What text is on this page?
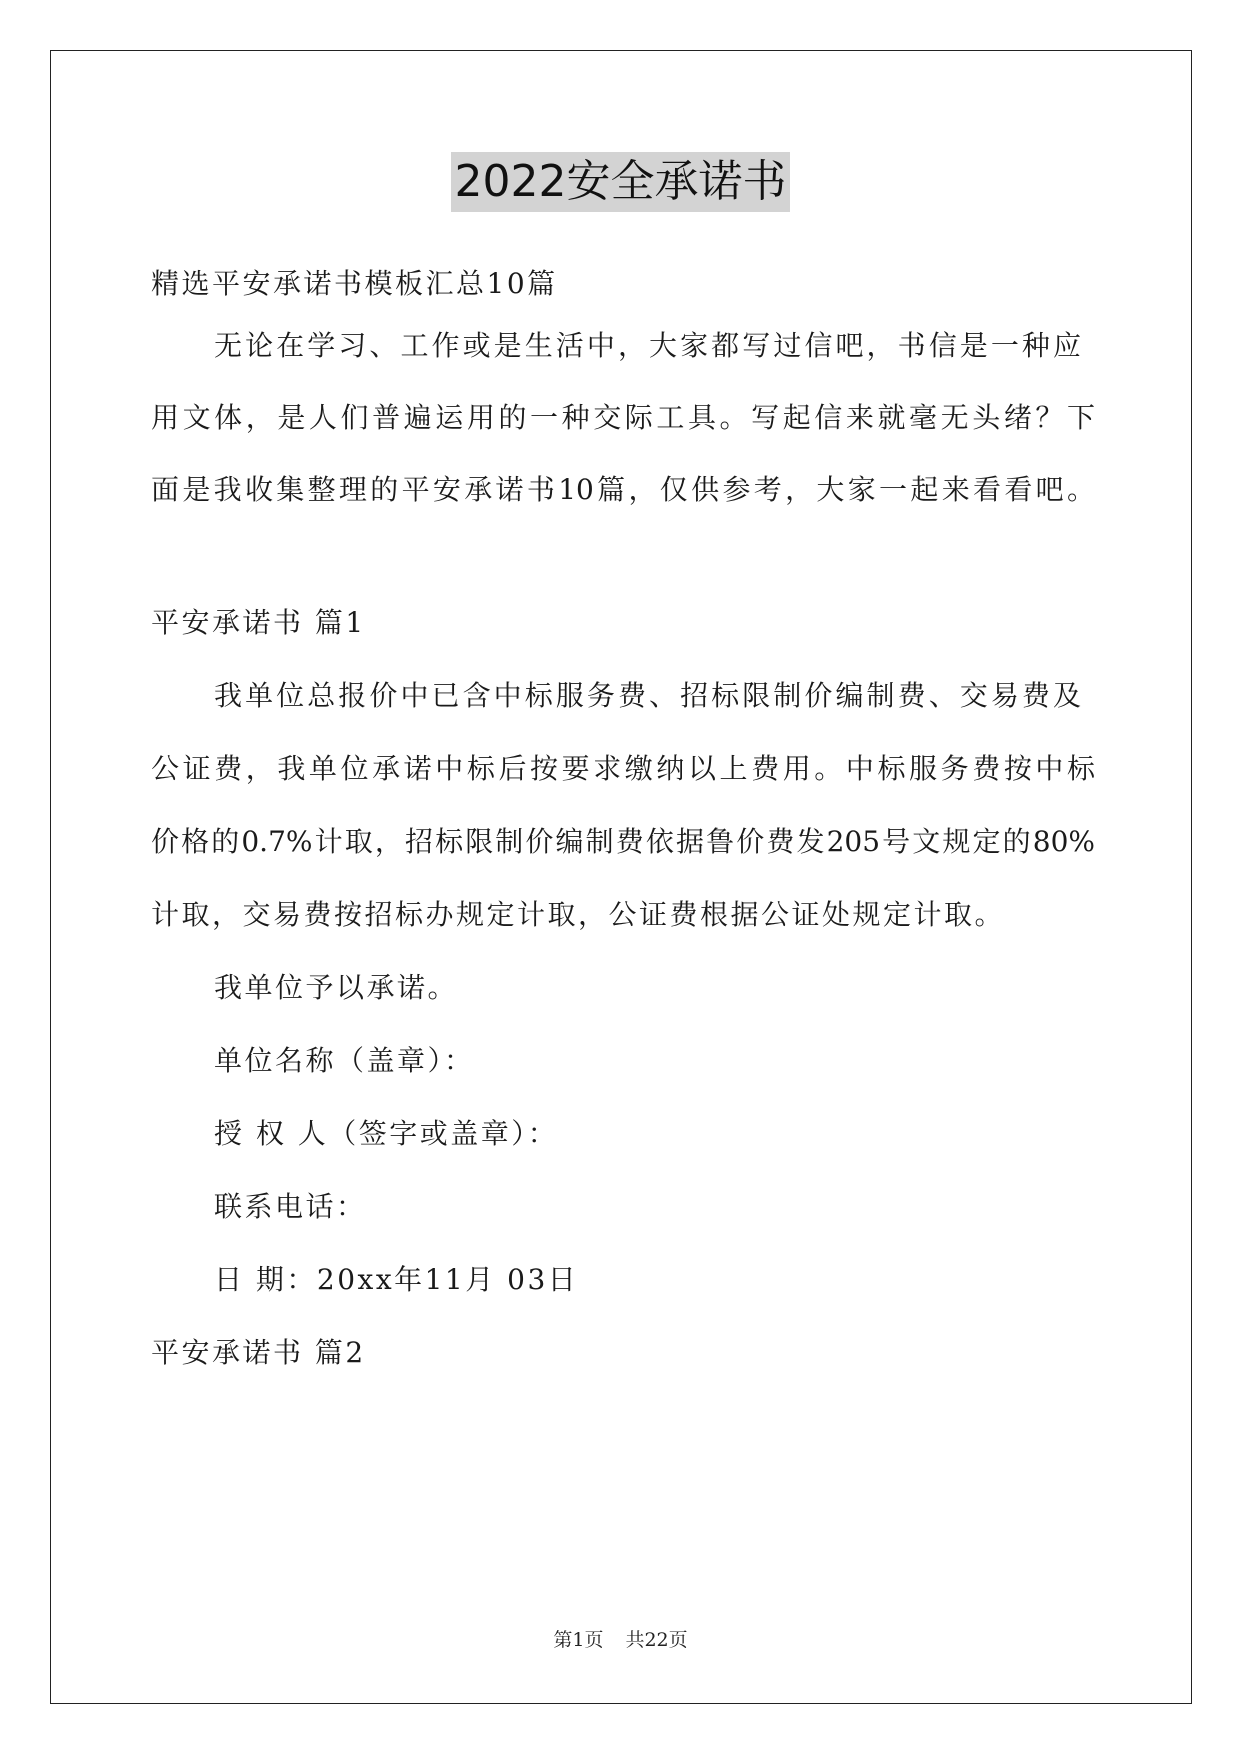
2022安全承诺书
精选平安承诺书模板汇总10篇
无论在学习、工作或是生活中，大家都写过信吧，书信是一种应
用文体，是人们普遍运用的一种交际工具。写起信来就毫无头绪？下
面是我收集整理的平安承诺书10篇，仅供参考，大家一起来看看吧。
平安承诺书 篇1
我单位总报价中已含中标服务费、招标限制价编制费、交易费及
公证费，我单位承诺中标后按要求缴纳以上费用。中标服务费按中标
价格的0.7%计取，招标限制价编制费依据鲁价费发205号文规定的80%
计取，交易费按招标办规定计取，公证费根据公证处规定计取。
我单位予以承诺。
单位名称（盖章）：
授 权 人（签字或盖章）：
联系电话：
日 期：20xx年11月 03日
平安承诺书 篇2
第1页 共22页
